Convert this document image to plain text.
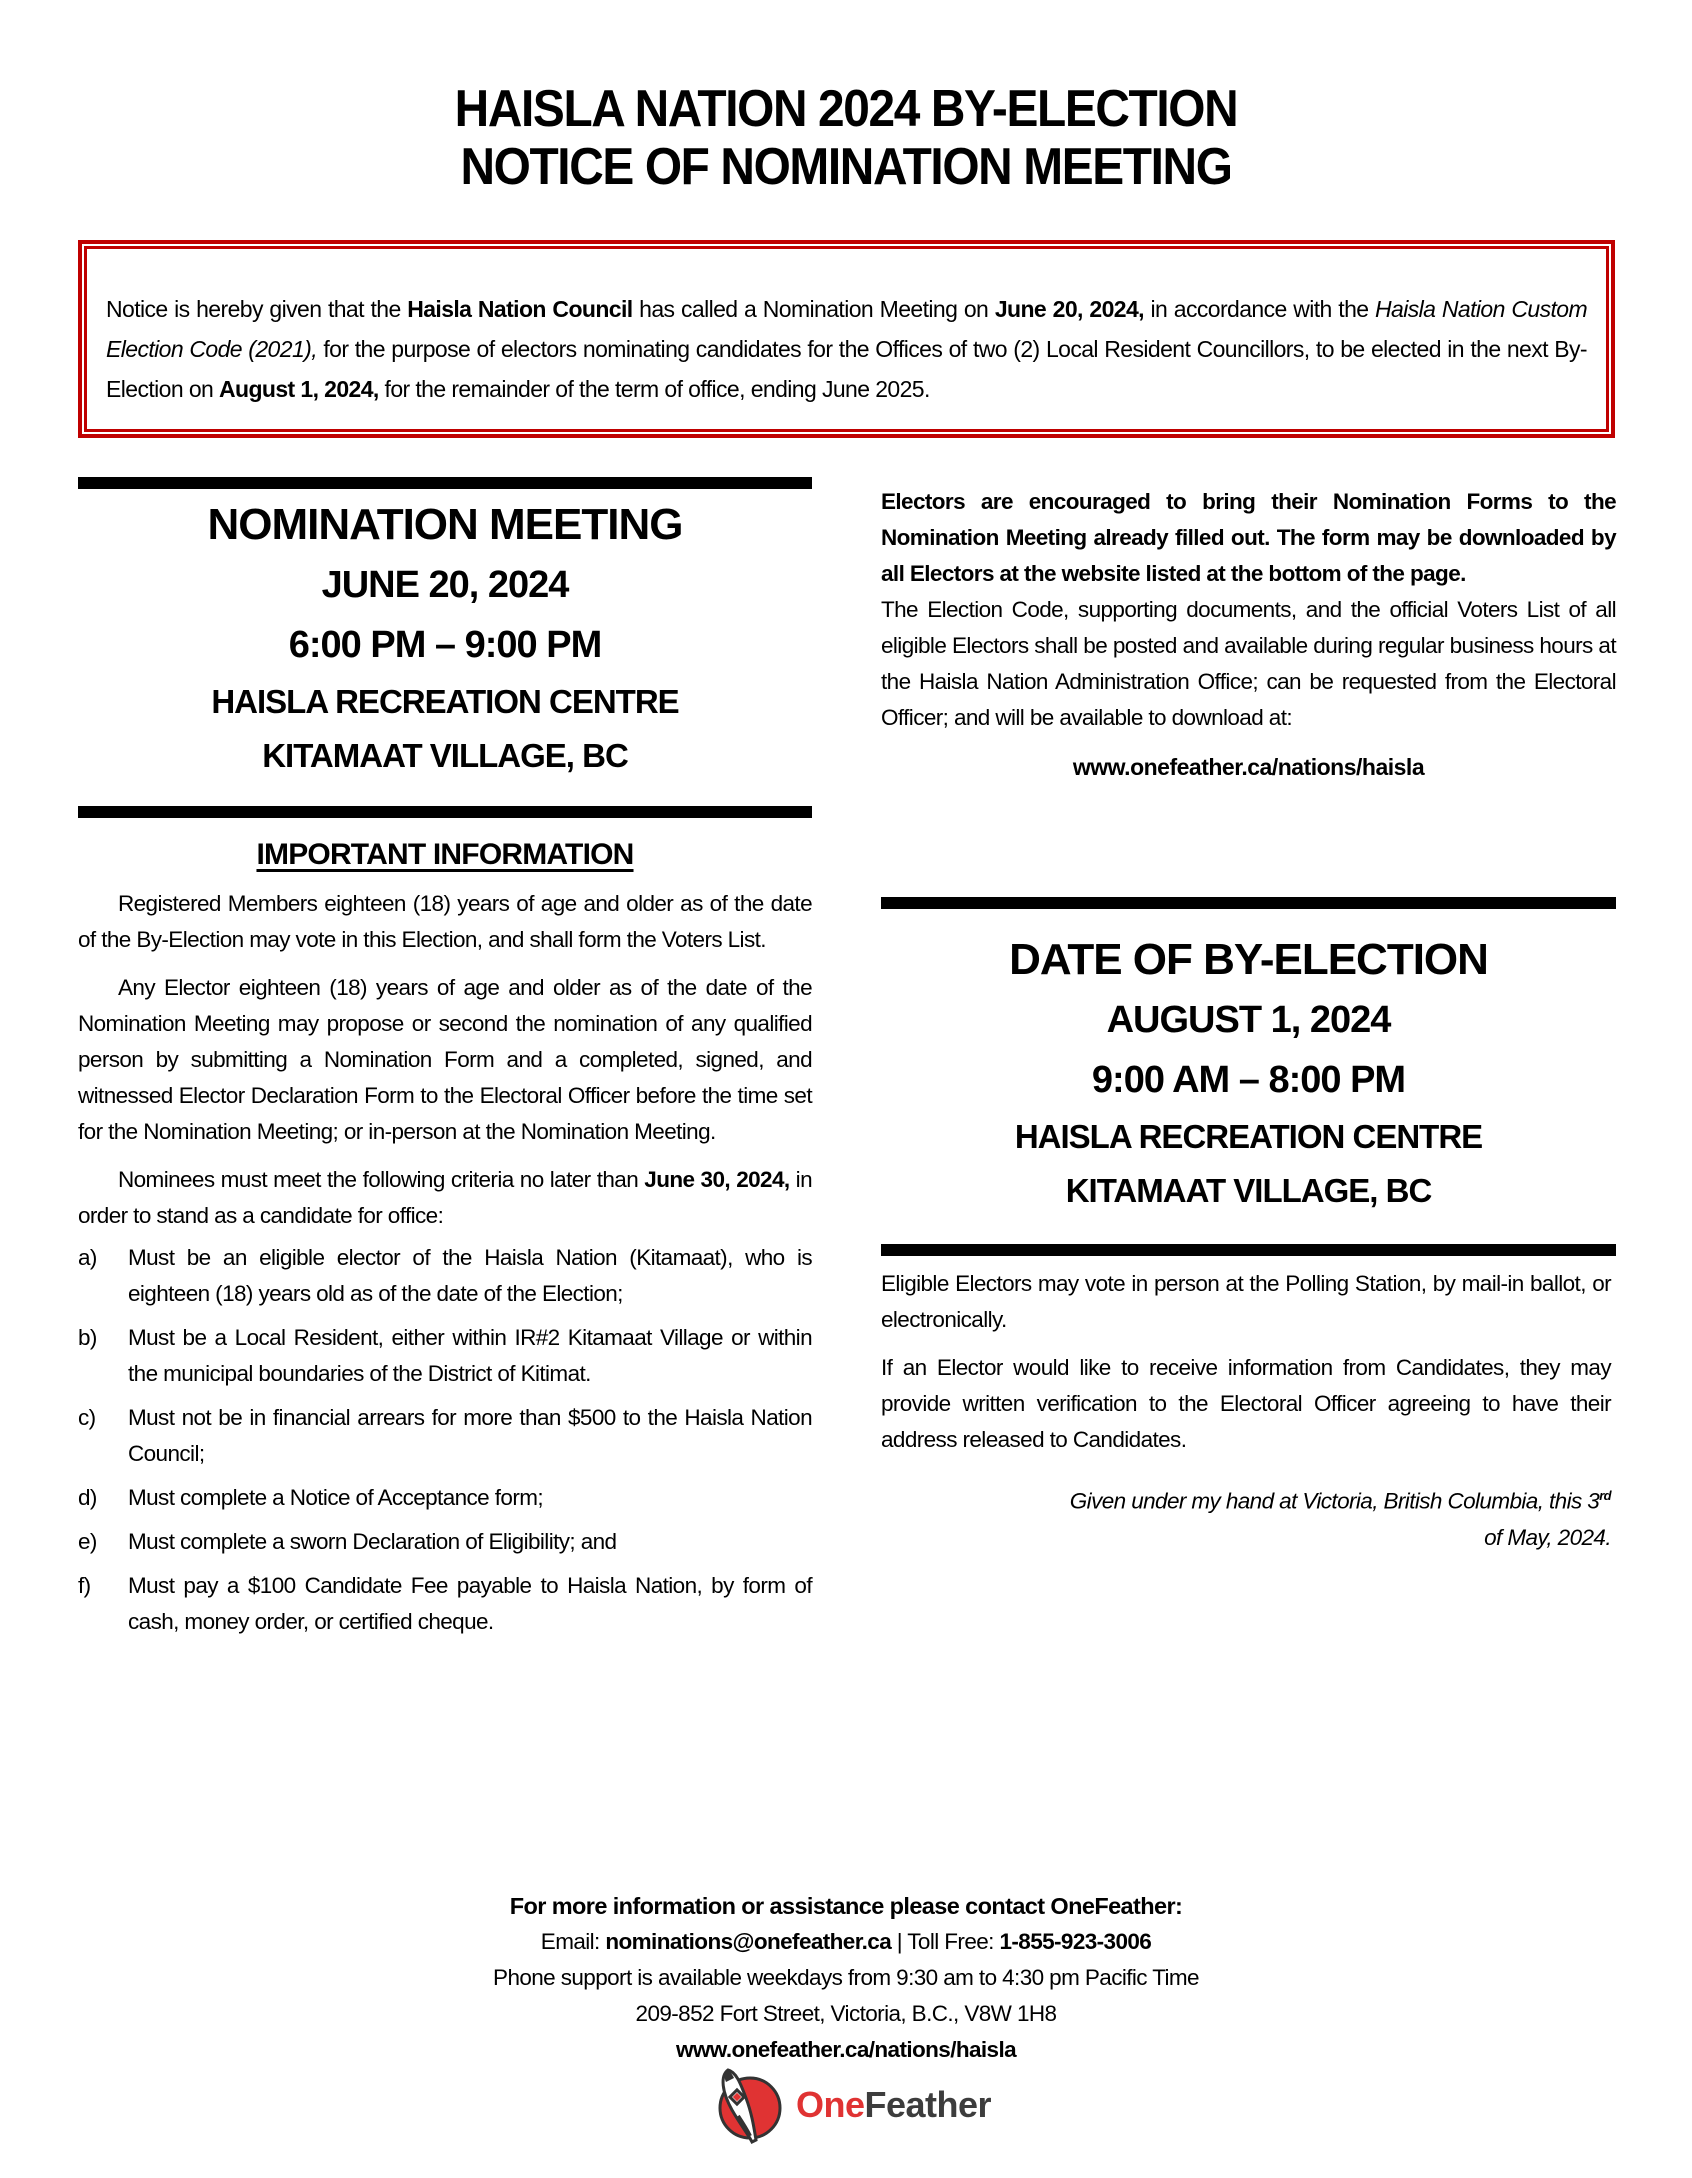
HAISLA NATION 2024 BY-ELECTION
NOTICE OF NOMINATION MEETING

Notice is hereby given that the Haisla Nation Council has called a Nomination Meeting on June 20, 2024, in accordance with the Haisla Nation Custom Election Code (2021), for the purpose of electors nominating candidates for the Offices of two (2) Local Resident Councillors, to be elected in the next By-Election on August 1, 2024, for the remainder of the term of office, ending June 2025.

NOMINATION MEETING
JUNE 20, 2024
6:00 PM – 9:00 PM
HAISLA RECREATION CENTRE
KITAMAAT VILLAGE, BC
IMPORTANT INFORMATION

Registered Members eighteen (18) years of age and older as of the date of the By-Election may vote in this Election, and shall form the Voters List.

Any Elector eighteen (18) years of age and older as of the date of the Nomination Meeting may propose or second the nomination of any qualified person by submitting a Nomination Form and a completed, signed, and witnessed Elector Declaration Form to the Electoral Officer before the time set for the Nomination Meeting; or in-person at the Nomination Meeting.

Nominees must meet the following criteria no later than June 30, 2024, in order to stand as a candidate for office:

a) Must be an eligible elector of the Haisla Nation (Kitamaat), who is eighteen (18) years old as of the date of the Election;
b) Must be a Local Resident, either within IR#2 Kitamaat Village or within the municipal boundaries of the District of Kitimat.
c) Must not be in financial arrears for more than $500 to the Haisla Nation Council;
d) Must complete a Notice of Acceptance form;
e) Must complete a sworn Declaration of Eligibility; and
f) Must pay a $100 Candidate Fee payable to Haisla Nation, by form of cash, money order, or certified cheque.

Electors are encouraged to bring their Nomination Forms to the Nomination Meeting already filled out. The form may be downloaded by all Electors at the website listed at the bottom of the page.

The Election Code, supporting documents, and the official Voters List of all eligible Electors shall be posted and available during regular business hours at the Haisla Nation Administration Office; can be requested from the Electoral Officer; and will be available to download at:

www.onefeather.ca/nations/haisla
DATE OF BY-ELECTION
AUGUST 1, 2024
9:00 AM – 8:00 PM
HAISLA RECREATION CENTRE
KITAMAAT VILLAGE, BC

Eligible Electors may vote in person at the Polling Station, by mail-in ballot, or electronically.

If an Elector would like to receive information from Candidates, they may provide written verification to the Electoral Officer agreeing to have their address released to Candidates.

Given under my hand at Victoria, British Columbia, this 3rd
of May, 2024.
For more information or assistance please contact OneFeather:
Email: nominations@onefeather.ca | Toll Free: 1-855-923-3006
Phone support is available weekdays from 9:30 am to 4:30 pm Pacific Time
209-852 Fort Street, Victoria, B.C., V8W 1H8
www.onefeather.ca/nations/haisla
OneFeather
